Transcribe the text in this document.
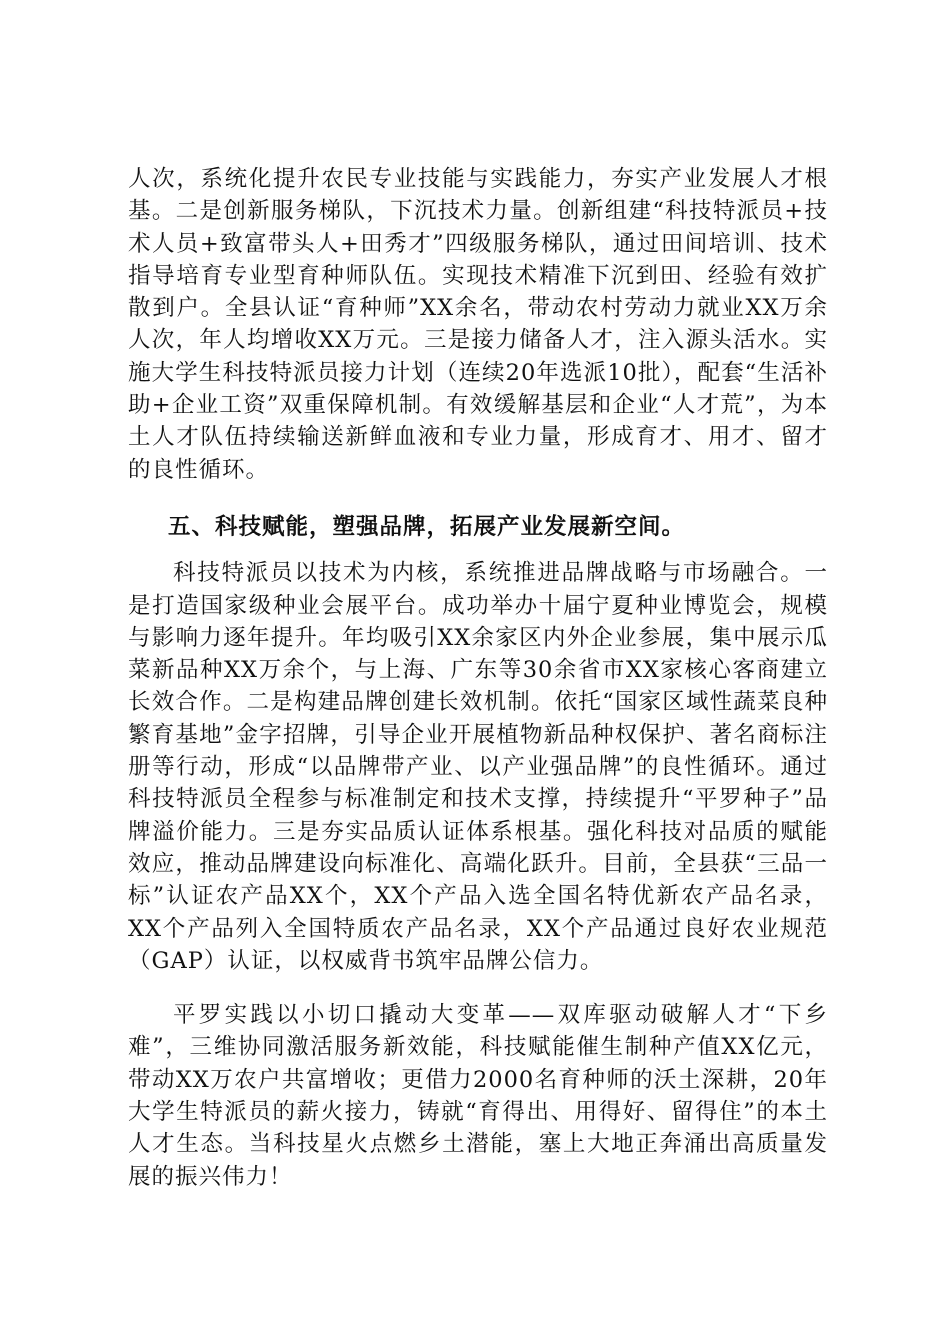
人次，系统化提升农民专业技能与实践能力，夯实产业发展人才根基。二是创新服务梯队，下沉技术力量。创新组建“科技特派员+技术人员+致富带头人+田秀才”四级服务梯队，通过田间培训、技术指导培育专业型育种师队伍。实现技术精准下沉到田、经验有效扩散到户。全县认证“育种师”XX余名，带动农村劳动力就业XX万余人次，年人均增收XX万元。三是接力储备人才，注入源头活水。实施大学生科技特派员接力计划（连续20年选派10批），配套“生活补助+企业工资”双重保障机制。有效缓解基层和企业“人才荒”，为本土人才队伍持续输送新鲜血液和专业力量，形成育才、用才、留才的良性循环。

五、科技赋能，塑强品牌，拓展产业发展新空间。

科技特派员以技术为内核，系统推进品牌战略与市场融合。一是打造国家级种业会展平台。成功举办十届宁夏种业博览会，规模与影响力逐年提升。年均吸引XX余家区内外企业参展，集中展示瓜菜新品种XX万余个，与上海、广东等30余省市XX家核心客商建立长效合作。二是构建品牌创建长效机制。依托“国家区域性蔬菜良种繁育基地”金字招牌，引导企业开展植物新品种权保护、著名商标注册等行动，形成“以品牌带产业、以产业强品牌”的良性循环。通过科技特派员全程参与标准制定和技术支撑，持续提升“平罗种子”品牌溢价能力。三是夯实品质认证体系根基。强化科技对品质的赋能效应，推动品牌建设向标准化、高端化跃升。目前，全县获“三品一标”认证农产品XX个，XX个产品入选全国名特优新农产品名录，XX个产品列入全国特质农产品名录，XX个产品通过良好农业规范（GAP）认证，以权威背书筑牢品牌公信力。

平罗实践以小切口撬动大变革——双库驱动破解人才“下乡难”，三维协同激活服务新效能，科技赋能催生制种产值XX亿元，带动XX万农户共富增收；更借力2000名育种师的沃土深耕，20年大学生特派员的薪火接力，铸就“育得出、用得好、留得住”的本土人才生态。当科技星火点燃乡土潜能，塞上大地正奔涌出高质量发展的振兴伟力！
